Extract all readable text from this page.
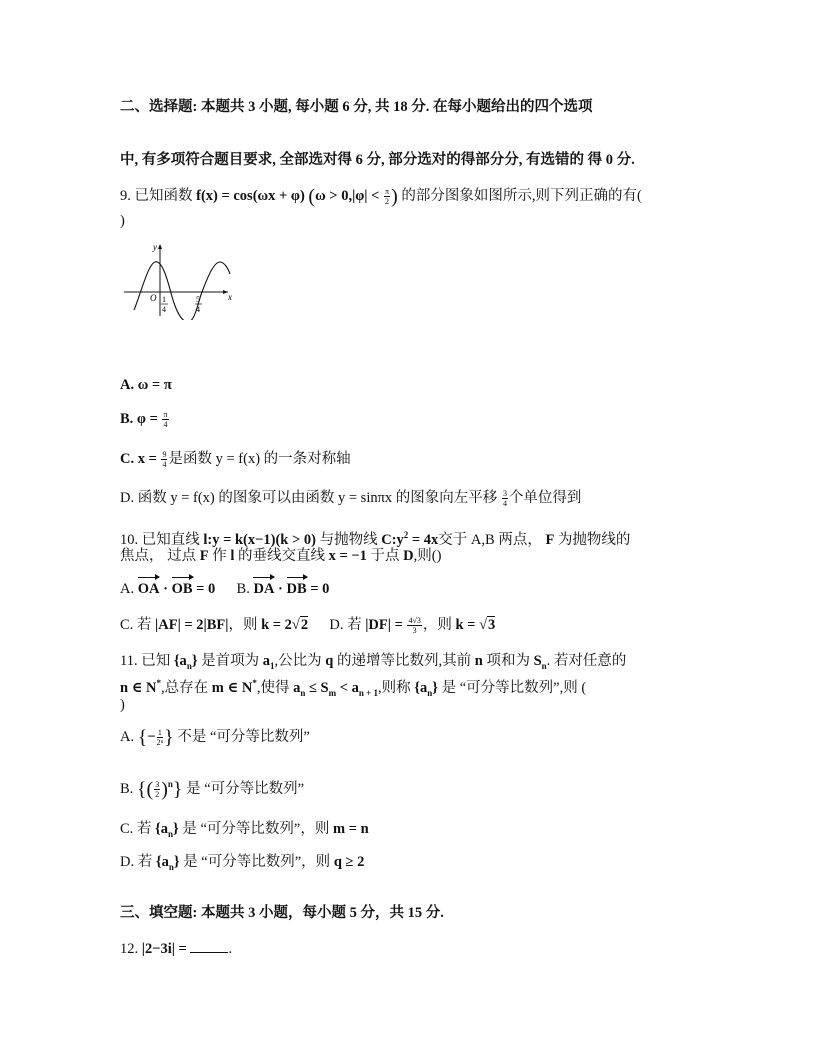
二、选择题: 本题共 3 小题, 每小题 6 分, 共 18 分. 在每小题给出的四个选项
中, 有多项符合题目要求, 全部选对得 6 分, 部分选对的得部分分, 有选错的 得 0 分.
9. 已知函数 f(x) = cos(ωx + φ) ($\omega > 0,|\varphi| < \frac{\pi}{2}$ ) 的部分图象如图所示,则下列正确的有(
)
y
x
O 1
4
5
4
A. ω = π
B. $\varphi = \frac{\pi}{4}$
C. $x = \frac{9}{4}$ 是函数 y = f(x) 的一条对称轴
D. 函数 y = f(x) 的图象可以由函数 y = sinπx 的图象向左平移 $\frac{3}{4}$ 个单位得到
10. 已知直线 l:y = k(x−1)(k > 0) 与抛物线 $C:y^2 = 4x$交于 A,B 两点， F 为抛物线的
焦点， 过点 F 作 l 的垂线交直线 x = −1 于点 D,则()
A. OA · OB = 0 B. DA · DB = 0
C. 若 |AF| = 2|BF|，则 k = 2√2 D. 若 $|DF| = \frac{4√3}{3}$ ，则 k = √3
11. 已知 $\{a_n\}$ 是首项为 $a_1$,公比为 q 的递增等比数列,其前 n 项和为 $S_n$. 若对任意的
n ∈ N*,总存在 m ∈ N*,使得 $a_n \le S_m < a_{n + 1}$,则称 $\{a_n\}$ 是 “可分等比数列”,则 (
)
A. {− $\frac{1}{\text{2ⁿ}}$ } 不是 “可分等比数列”
B. {( $\frac{3}{2} )^n$} 是 “可分等比数列”
C. 若 $\{a_n\}$ 是 “可分等比数列”，则 m = n
D. 若 $\{a_n\}$ 是 “可分等比数列”，则 q ≥ 2
三、填空题: 本题共 3 小题，每小题 5 分，共 15 分.
12. |2−3i| =	.
